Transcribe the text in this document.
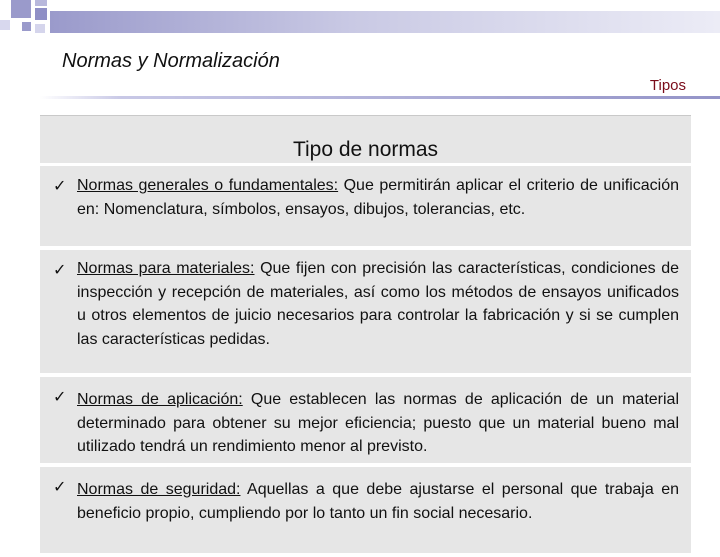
Normas y Normalización
Tipos
Tipo de normas
✓ Normas generales o fundamentales: Que permitirán aplicar el criterio de unificación en: Nomenclatura, símbolos, ensayos, dibujos, tolerancias, etc.
✓ Normas para materiales: Que fijen con precisión las características, condiciones de inspección y recepción de materiales, así como los métodos de ensayos unificados u otros elementos de juicio necesarios para controlar la fabricación y si se cumplen las características pedidas.
✓ Normas de aplicación: Que establecen las normas de aplicación de un material determinado para obtener su mejor eficiencia; puesto que un material bueno mal utilizado tendrá un rendimiento menor al previsto.
✓ Normas de seguridad: Aquellas a que debe ajustarse el personal que trabaja en beneficio propio, cumpliendo por lo tanto un fin social necesario.
